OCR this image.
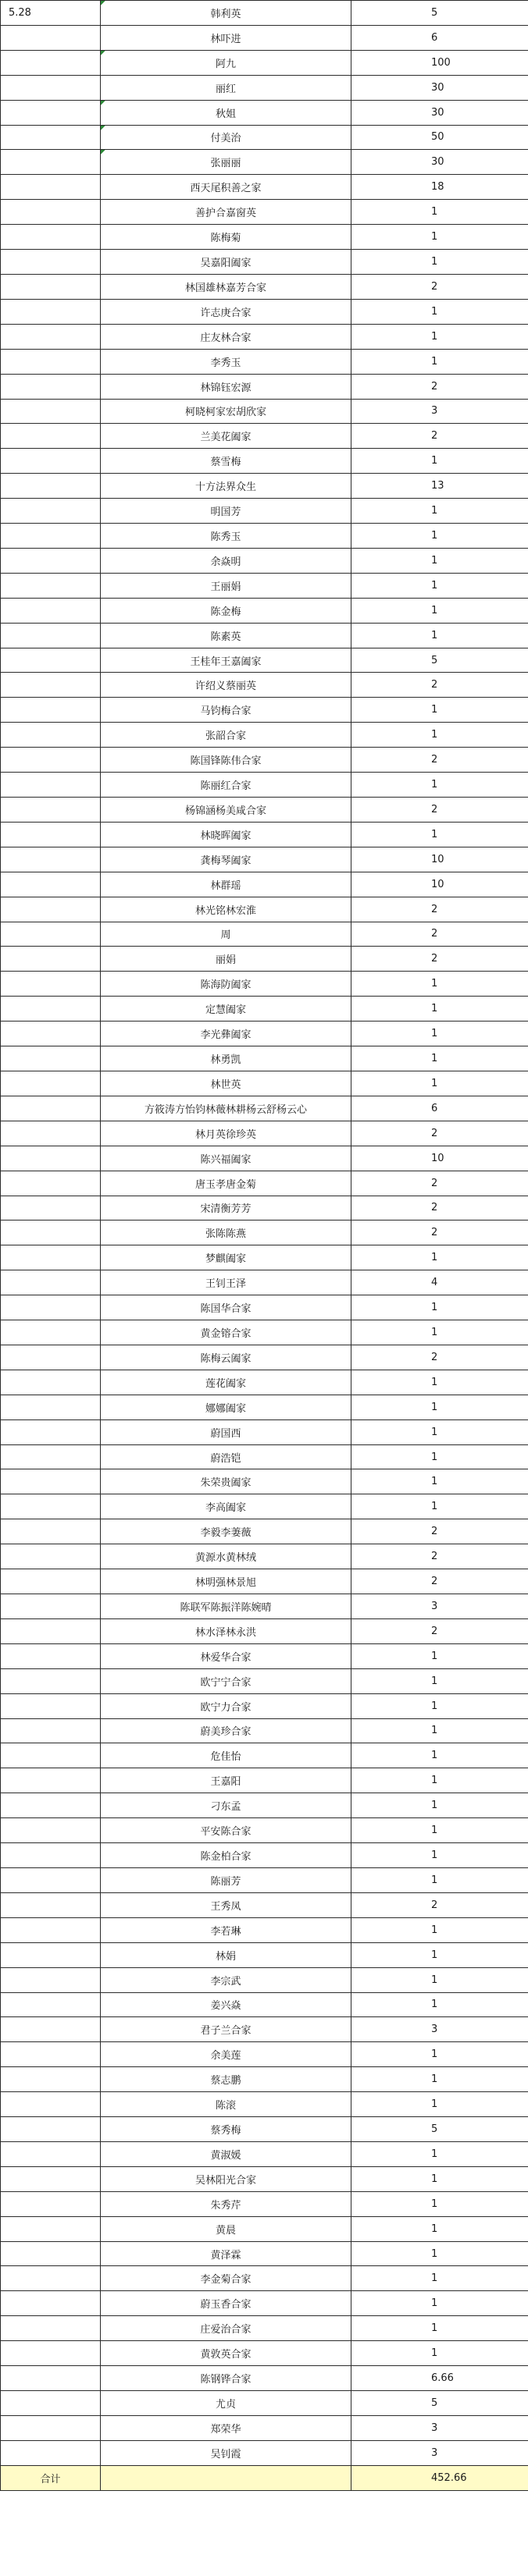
5.28	韩利英	5
	林吓进	6
	阿九	100
	丽红	30
	秋姐	30
	付美治	50
	张丽丽	30
	西天尾积善之家	18
	善护合嘉窗英	1
	陈梅菊	1
	吴嘉阳阖家	1
	林国雄林嘉芳合家	2
	许志庚合家	1
	庄友林合家	1
	李秀玉	1
	林锦钰宏源	2
	柯晓柯家宏胡欣家	3
	兰美花阖家	2
	蔡雪梅	1
	十方法界众生	13
	明国芳	1
	陈秀玉	1
	余焱明	1
	王丽娟	1
	陈金梅	1
	陈素英	1
	王桂年王嘉阖家	5
	许绍义蔡丽英	2
	马钧梅合家	1
	张韶合家	1
	陈国锋陈伟合家	2
	陈丽红合家	1
	杨锦涵杨美咸合家	2
	林晓晖阖家	1
	龚梅琴阖家	10
	林群瑶	10
	林光铭林宏淮	2
	周	2
	丽娟	2
	陈海防阖家	1
	定慧阖家	1
	李光彝阖家	1
	林勇凯	1
	林世英	1
	方筱涛方怡钧林薇林耕杨云舒杨云心	6
	林月英徐珍英	2
	陈兴福阖家	10
	唐玉孝唐金菊	2
	宋清衡芳芳	2
	张陈陈燕	2
	梦麒阖家	1
	王钊王泽	4
	陈国华合家	1
	黄金镕合家	1
	陈梅云阖家	2
	莲花阖家	1
	娜娜阖家	1
	蔚国西	1
	蔚浩铠	1
	朱荣贵阖家	1
	李高阖家	1
	李毅李萋薇	2
	黄源水黄林绒	2
	林明强林景旭	2
	陈联军陈振洋陈婉晴	3
	林水泽林永洪	2
	林爱华合家	1
	欧宁宁合家	1
	欧宁力合家	1
	蔚美珍合家	1
	危佳怡	1
	王嘉阳	1
	刁东孟	1
	平安陈合家	1
	陈金柏合家	1
	陈丽芳	1
	王秀凤	2
	李若琳	1
	林娟	1
	李宗武	1
	姜兴焱	1
	君子兰合家	3
	余美莲	1
	蔡志鹏	1
	陈滚	1
	蔡秀梅	5
	黄淑媛	1
	吴林阳光合家	1
	朱秀芹	1
	黄晨	1
	黄泽霖	1
	李金菊合家	1
	蔚玉香合家	1
	庄爱治合家	1
	黄敦英合家	1
	陈钢铧合家	6.66
	尤贞	5
	郑荣华	3
	吴钊霞	3
合计		452.66
